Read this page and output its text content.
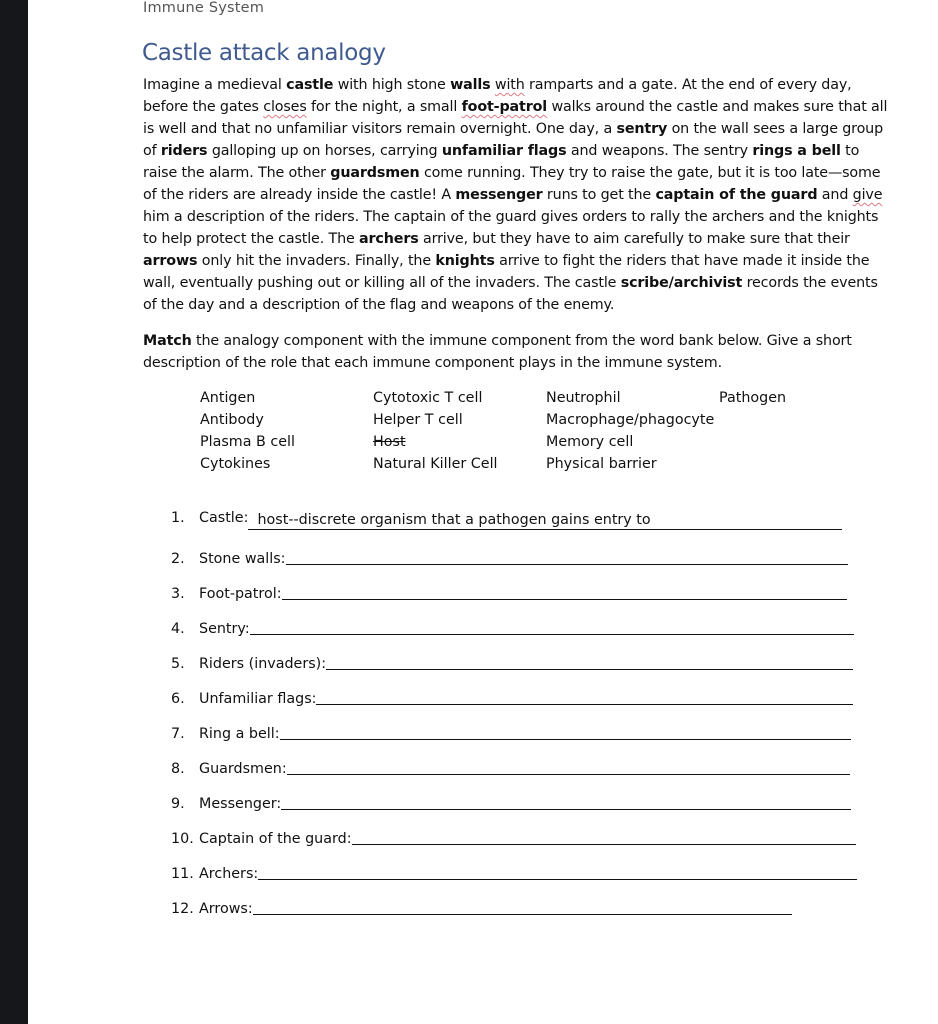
Immune System
Castle attack analogy

Imagine a medieval castle with high stone walls with ramparts and a gate. At the end of every day, before the gates closes for the night, a small foot-patrol walks around the castle and makes sure that all is well and that no unfamiliar visitors remain overnight. One day, a sentry on the wall sees a large group of riders galloping up on horses, carrying unfamiliar flags and weapons. The sentry rings a bell to raise the alarm. The other guardsmen come running. They try to raise the gate, but it is too late—some of the riders are already inside the castle! A messenger runs to get the captain of the guard and give him a description of the riders. The captain of the guard gives orders to rally the archers and the knights to help protect the castle. The archers arrive, but they have to aim carefully to make sure that their arrows only hit the invaders. Finally, the knights arrive to fight the riders that have made it inside the wall, eventually pushing out or killing all of the invaders. The castle scribe/archivist records the events of the day and a description of the flag and weapons of the enemy.

Match the analogy component with the immune component from the word bank below. Give a short description of the role that each immune component plays in the immune system.

Antigen
Antibody
Plasma B cell
Cytokines
Cytotoxic T cell
Helper T cell
Host
Natural Killer Cell
Neutrophil
Macrophage/phagocyte
Memory cell
Physical barrier
Pathogen
1. Castle:  host--discrete organism that a pathogen gains entry to
2. Stone walls:
3. Foot-patrol:
4. Sentry:
5. Riders (invaders):
6. Unfamiliar flags:
7. Ring a bell:
8. Guardsmen:
9. Messenger:
10. Captain of the guard:
11. Archers:
12. Arrows:
